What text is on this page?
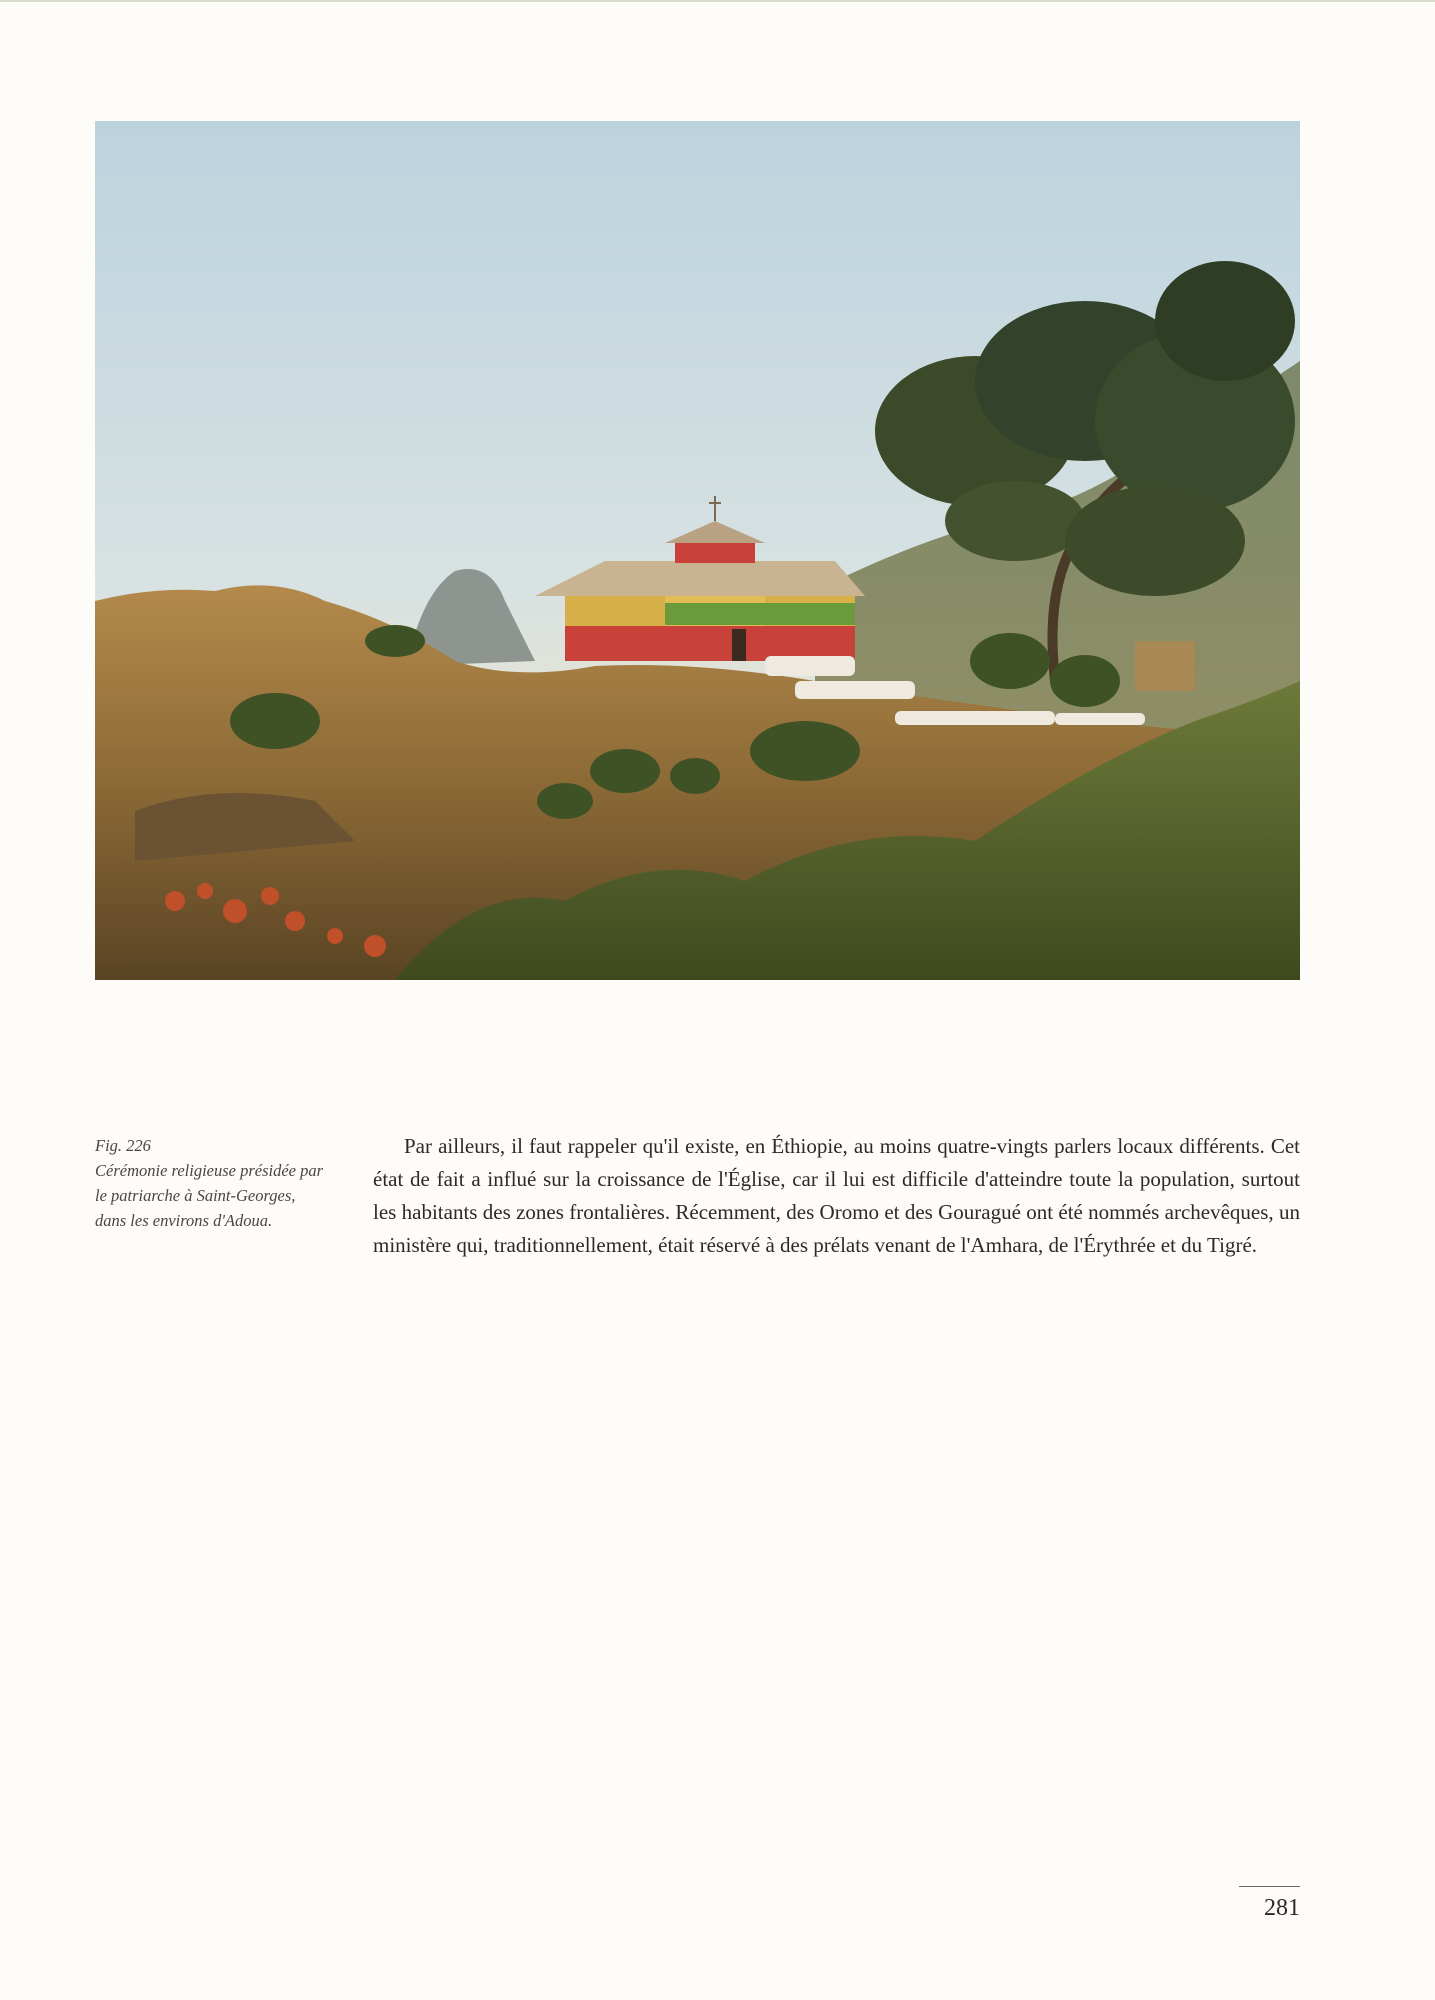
Fig. 226
Cérémonie religieuse présidée par le patriarche à Saint-Georges, dans les environs d'Adoua.

Par ailleurs, il faut rappeler qu'il existe, en Éthiopie, au moins quatre-vingts parlers locaux différents. Cet état de fait a influé sur la croissance de l'Église, car il lui est difficile d'atteindre toute la population, surtout les habitants des zones frontalières. Récemment, des Oromo et des Gouragué ont été nommés archevêques, un ministère qui, traditionnellement, était réservé à des prélats venant de l'Amhara, de l'Érythrée et du Tigré.

281
